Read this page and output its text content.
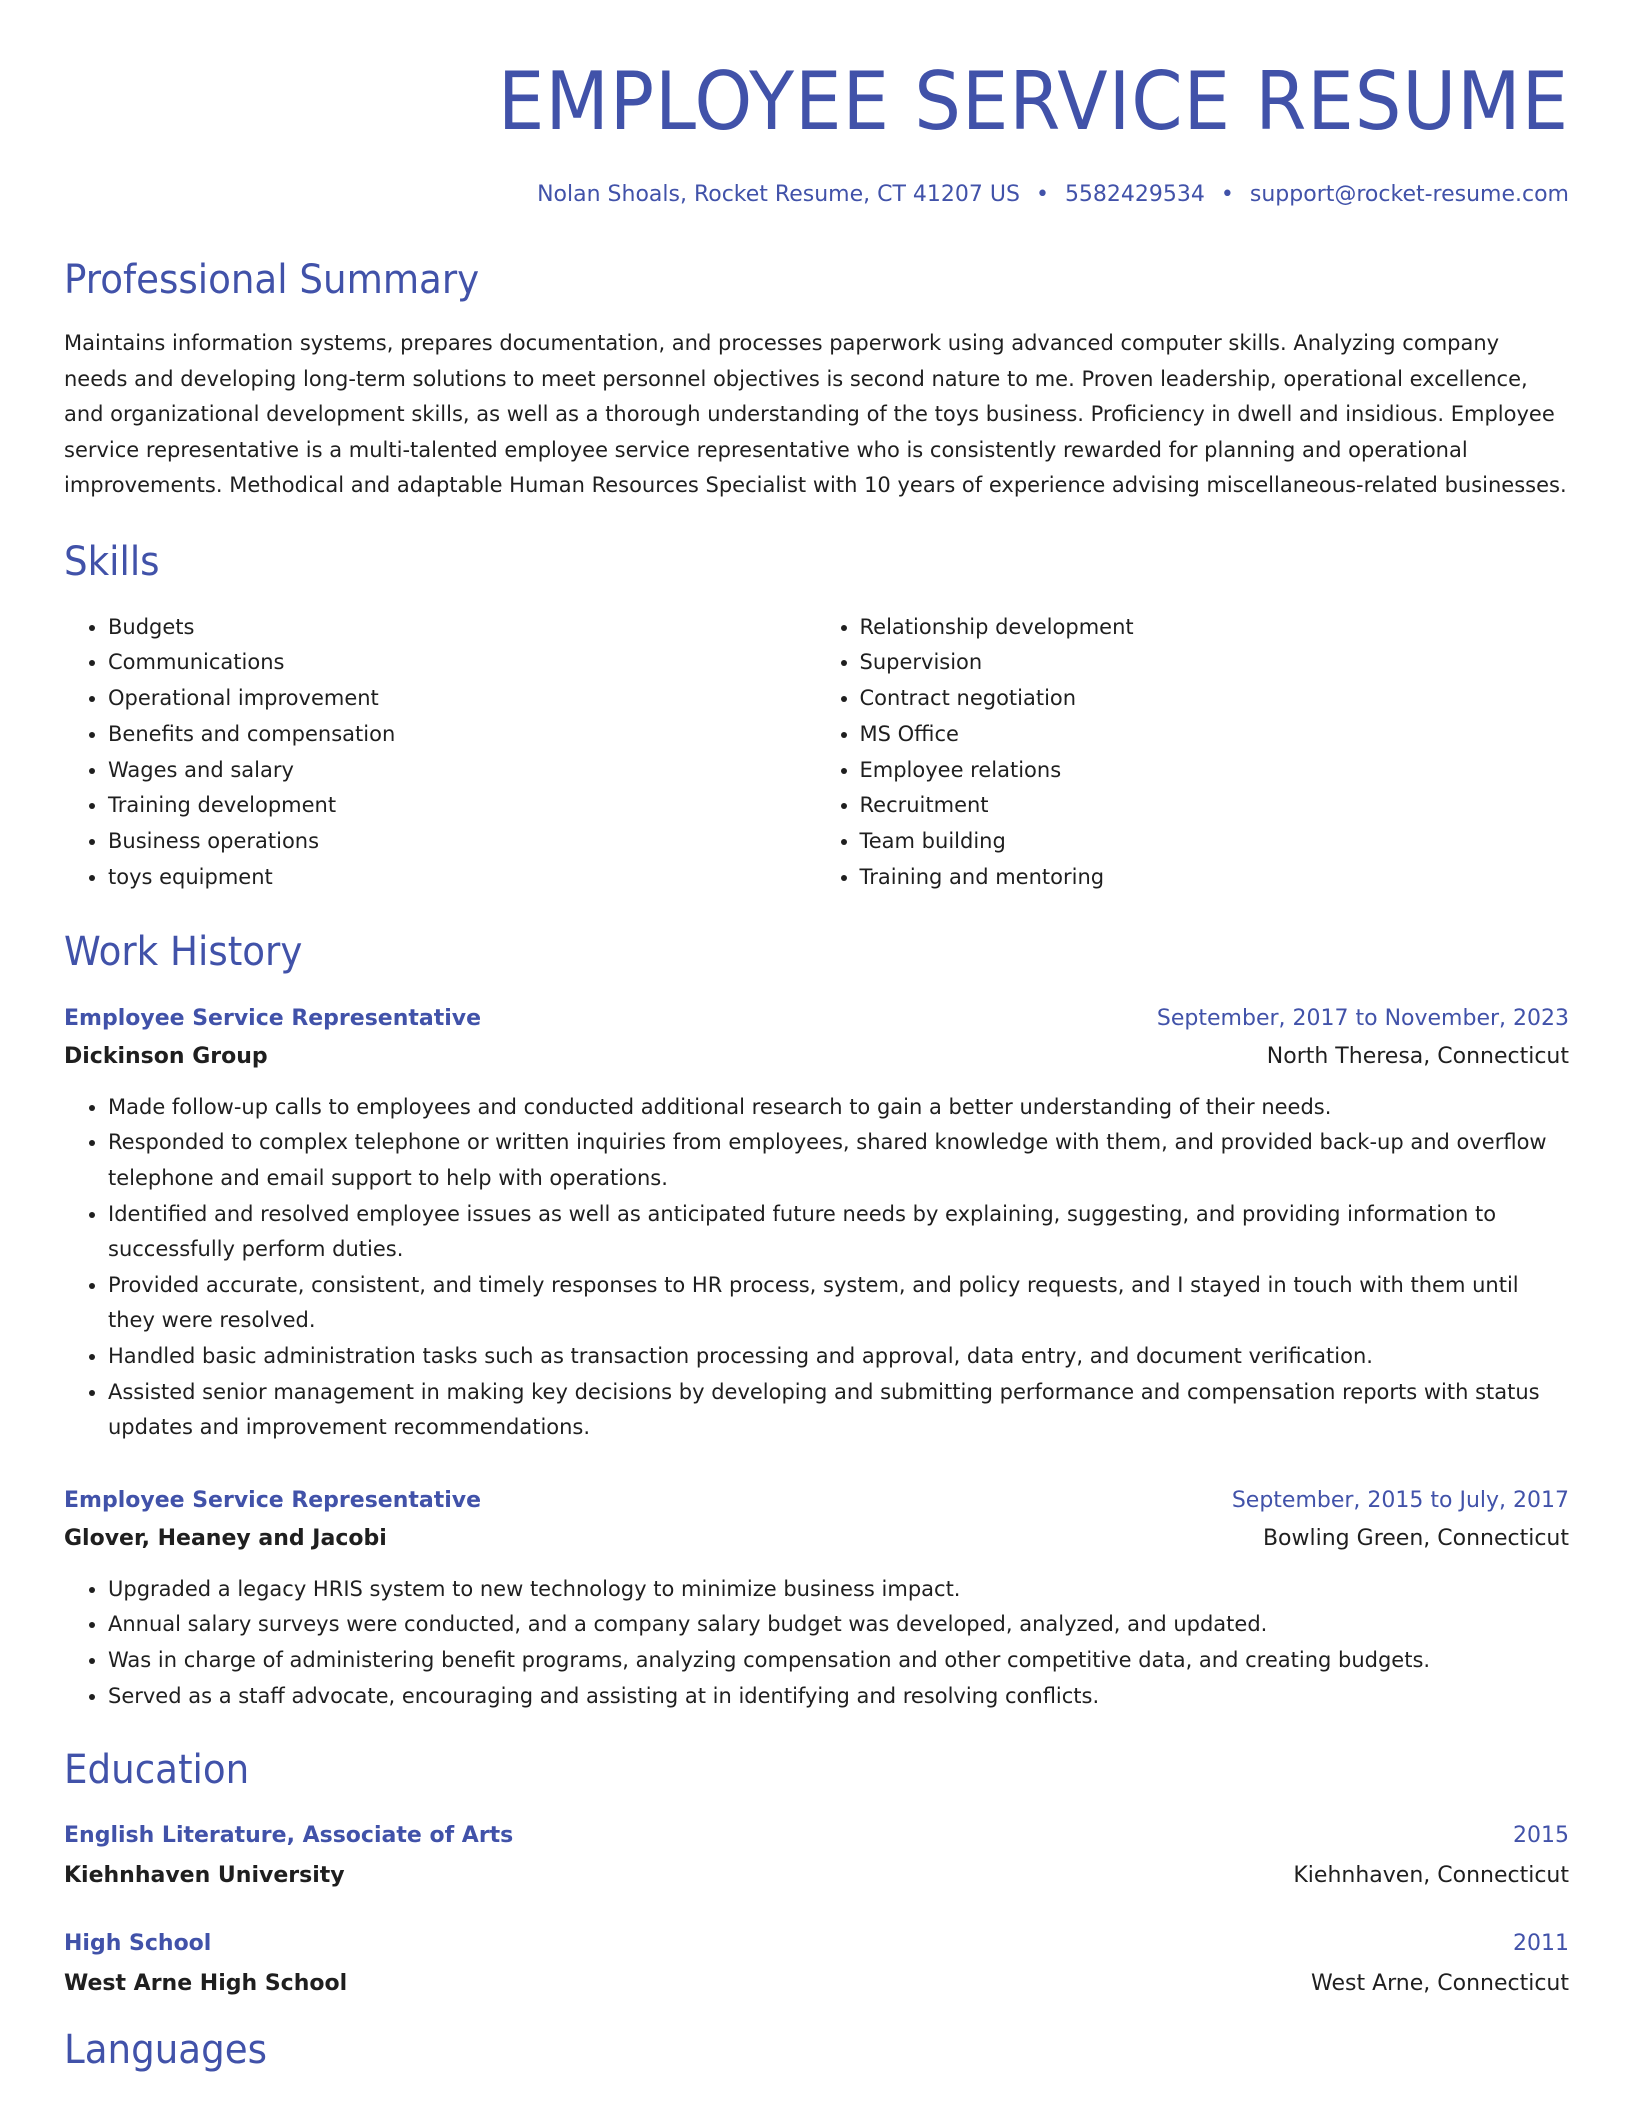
EMPLOYEE SERVICE RESUME
Nolan Shoals, Rocket Resume, CT 41207 US • 5582429534 • support@rocket-resume.com
Professional Summary

Maintains information systems, prepares documentation, and processes paperwork using advanced computer skills. Analyzing company needs and developing long-term solutions to meet personnel objectives is second nature to me. Proven leadership, operational excellence, and organizational development skills, as well as a thorough understanding of the toys business. Proficiency in dwell and insidious. Employee service representative is a multi-talented employee service representative who is consistently rewarded for planning and operational improvements. Methodical and adaptable Human Resources Specialist with 10 years of experience advising miscellaneous-related businesses.

Skills
• Budgets
• Communications
• Operational improvement
• Benefits and compensation
• Wages and salary
• Training development
• Business operations
• toys equipment
• Relationship development
• Supervision
• Contract negotiation
• MS Office
• Employee relations
• Recruitment
• Team building
• Training and mentoring
Work History
Employee Service Representative	September, 2017 to November, 2023
Dickinson Group	North Theresa, Connecticut
• Made follow-up calls to employees and conducted additional research to gain a better understanding of their needs.
• Responded to complex telephone or written inquiries from employees, shared knowledge with them, and provided back-up and overflow telephone and email support to help with operations.
• Identified and resolved employee issues as well as anticipated future needs by explaining, suggesting, and providing information to successfully perform duties.
• Provided accurate, consistent, and timely responses to HR process, system, and policy requests, and I stayed in touch with them until they were resolved.
• Handled basic administration tasks such as transaction processing and approval, data entry, and document verification.
• Assisted senior management in making key decisions by developing and submitting performance and compensation reports with status updates and improvement recommendations.
Employee Service Representative	September, 2015 to July, 2017
Glover, Heaney and Jacobi	Bowling Green, Connecticut
• Upgraded a legacy HRIS system to new technology to minimize business impact.
• Annual salary surveys were conducted, and a company salary budget was developed, analyzed, and updated.
• Was in charge of administering benefit programs, analyzing compensation and other competitive data, and creating budgets.
• Served as a staff advocate, encouraging and assisting at in identifying and resolving conflicts.
Education
English Literature, Associate of Arts	2015
Kiehnhaven University	Kiehnhaven, Connecticut
High School	2011
West Arne High School	West Arne, Connecticut
Languages
